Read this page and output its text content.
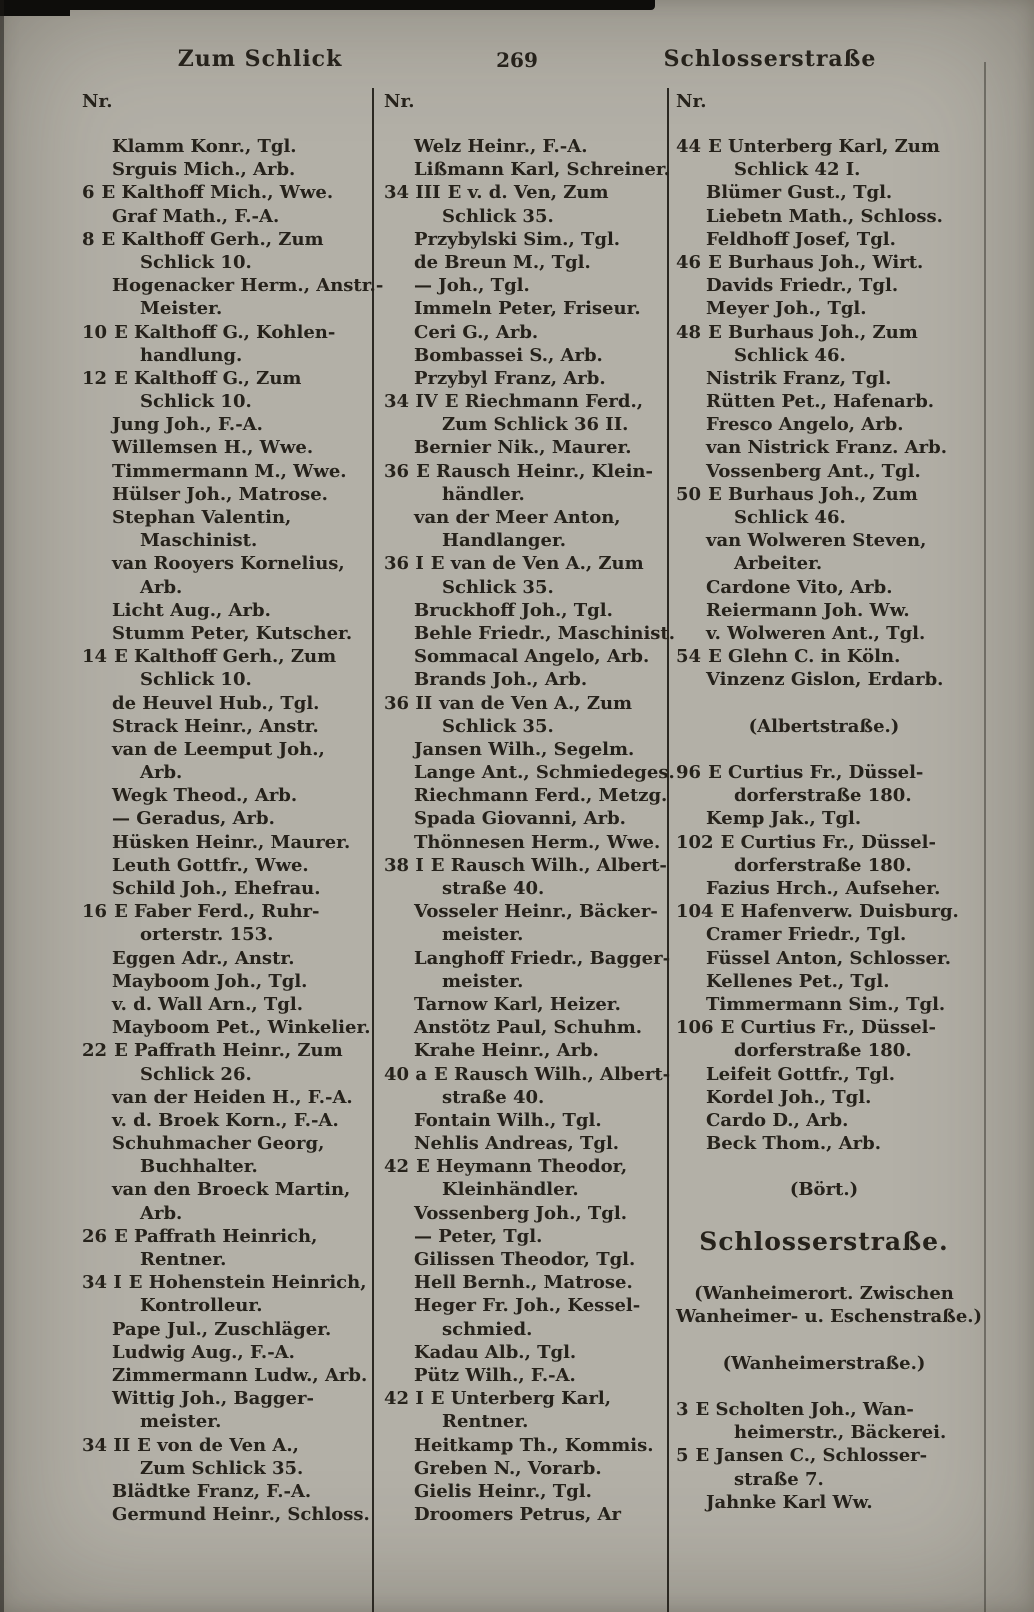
Zum Schlick	269	Schlosserstraße
Nr.
Klamm Konr., Tgl.
Srguis Mich., Arb.
6 E Kalthoff Mich., Wwe.
Graf Math., F.-A.
8 E Kalthoff Gerh., Zum
Schlick 10.
Hogenacker Herm., Anstr.-
Meister.
10 E Kalthoff G., Kohlen-
handlung.
12 E Kalthoff G., Zum
Schlick 10.
Jung Joh., F.-A.
Willemsen H., Wwe.
Timmermann M., Wwe.
Hülser Joh., Matrose.
Stephan Valentin,
Maschinist.
van Rooyers Kornelius,
Arb.
Licht Aug., Arb.
Stumm Peter, Kutscher.
14 E Kalthoff Gerh., Zum
Schlick 10.
de Heuvel Hub., Tgl.
Strack Heinr., Anstr.
van de Leemput Joh.,
Arb.
Wegk Theod., Arb.
— Geradus, Arb.
Hüsken Heinr., Maurer.
Leuth Gottfr., Wwe.
Schild Joh., Ehefrau.
16 E Faber Ferd., Ruhr-
orterstr. 153.
Eggen Adr., Anstr.
Mayboom Joh., Tgl.
v. d. Wall Arn., Tgl.
Mayboom Pet., Winkelier.
22 E Paffrath Heinr., Zum
Schlick 26.
van der Heiden H., F.-A.
v. d. Broek Korn., F.-A.
Schuhmacher Georg,
Buchhalter.
van den Broeck Martin,
Arb.
26 E Paffrath Heinrich,
Rentner.
34 I E Hohenstein Heinrich,
Kontrolleur.
Pape Jul., Zuschläger.
Ludwig Aug., F.-A.
Zimmermann Ludw., Arb.
Wittig Joh., Bagger-
meister.
34 II E von de Ven A.,
Zum Schlick 35.
Blädtke Franz, F.-A.
Germund Heinr., Schloss.
Nr.
Welz Heinr., F.-A.
Lißmann Karl, Schreiner.
34 III E v. d. Ven, Zum
Schlick 35.
Przybylski Sim., Tgl.
de Breun M., Tgl.
— Joh., Tgl.
Immeln Peter, Friseur.
Ceri G., Arb.
Bombassei S., Arb.
Przybyl Franz, Arb.
34 IV E Riechmann Ferd.,
Zum Schlick 36 II.
Bernier Nik., Maurer.
36 E Rausch Heinr., Klein-
händler.
van der Meer Anton,
Handlanger.
36 I E van de Ven A., Zum
Schlick 35.
Bruckhoff Joh., Tgl.
Behle Friedr., Maschinist.
Sommacal Angelo, Arb.
Brands Joh., Arb.
36 II van de Ven A., Zum
Schlick 35.
Jansen Wilh., Segelm.
Lange Ant., Schmiedeges.
Riechmann Ferd., Metzg.
Spada Giovanni, Arb.
Thönnesen Herm., Wwe.
38 I E Rausch Wilh., Albert-
straße 40.
Vosseler Heinr., Bäcker-
meister.
Langhoff Friedr., Bagger-
meister.
Tarnow Karl, Heizer.
Anstötz Paul, Schuhm.
Krahe Heinr., Arb.
40 a E Rausch Wilh., Albert-
straße 40.
Fontain Wilh., Tgl.
Nehlis Andreas, Tgl.
42 E Heymann Theodor,
Kleinhändler.
Vossenberg Joh., Tgl.
— Peter, Tgl.
Gilissen Theodor, Tgl.
Hell Bernh., Matrose.
Heger Fr. Joh., Kessel-
schmied.
Kadau Alb., Tgl.
Pütz Wilh., F.-A.
42 I E Unterberg Karl,
Rentner.
Heitkamp Th., Kommis.
Greben N., Vorarb.
Gielis Heinr., Tgl.
Droomers Petrus, Ar
Nr.
44 E Unterberg Karl, Zum
Schlick 42 I.
Blümer Gust., Tgl.
Liebetn Math., Schloss.
Feldhoff Josef, Tgl.
46 E Burhaus Joh., Wirt.
Davids Friedr., Tgl.
Meyer Joh., Tgl.
48 E Burhaus Joh., Zum
Schlick 46.
Nistrik Franz, Tgl.
Rütten Pet., Hafenarb.
Fresco Angelo, Arb.
van Nistrick Franz. Arb.
Vossenberg Ant., Tgl.
50 E Burhaus Joh., Zum
Schlick 46.
van Wolweren Steven,
Arbeiter.
Cardone Vito, Arb.
Reiermann Joh. Ww.
v. Wolweren Ant., Tgl.
54 E Glehn C. in Köln.
Vinzenz Gislon, Erdarb.
(Albertstraße.)
96 E Curtius Fr., Düssel-
dorferstraße 180.
Kemp Jak., Tgl.
102 E Curtius Fr., Düssel-
dorferstraße 180.
Fazius Hrch., Aufseher.
104 E Hafenverw. Duisburg.
Cramer Friedr., Tgl.
Füssel Anton, Schlosser.
Kellenes Pet., Tgl.
Timmermann Sim., Tgl.
106 E Curtius Fr., Düssel-
dorferstraße 180.
Leifeit Gottfr., Tgl.
Kordel Joh., Tgl.
Cardo D., Arb.
Beck Thom., Arb.
(Bört.)
Schlosserstraße.
(Wanheimerort. Zwischen
Wanheimer- u. Eschenstraße.)
(Wanheimerstraße.)
3 E Scholten Joh., Wan-
heimerstr., Bäckerei.
5 E Jansen C., Schlosser-
straße 7.
Jahnke Karl Ww.
